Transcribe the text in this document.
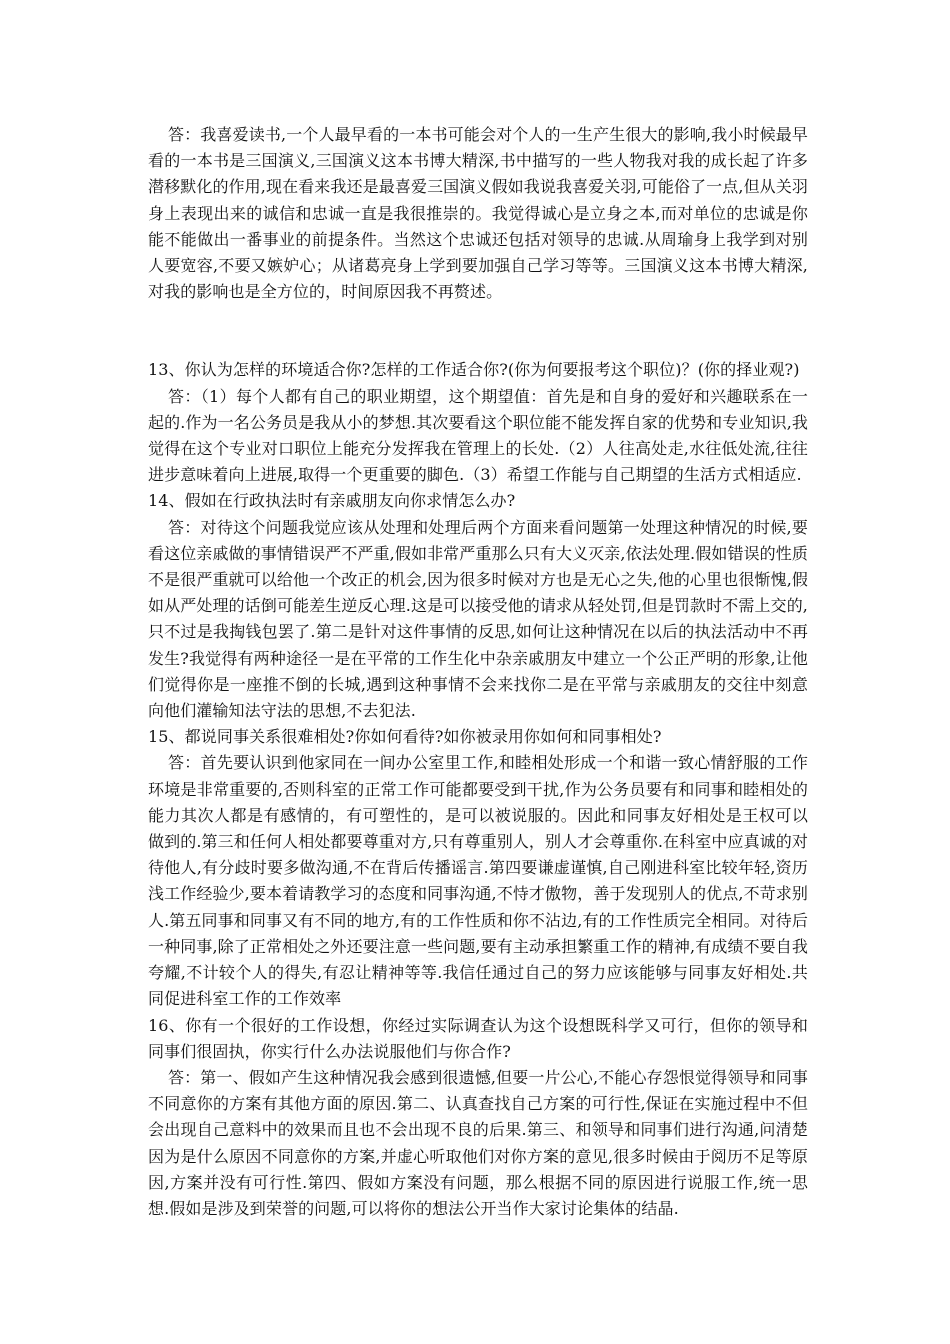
答：我喜爱读书,一个人最早看的一本书可能会对个人的一生产生很大的影响,我小时候最早看的一本书是三国演义,三国演义这本书博大精深,书中描写的一些人物我对我的成长起了许多潜移默化的作用,现在看来我还是最喜爱三国演义假如我说我喜爱关羽,可能俗了一点,但从关羽身上表现出来的诚信和忠诚一直是我很推崇的。我觉得诚心是立身之本,而对单位的忠诚是你能不能做出一番事业的前提条件。当然这个忠诚还包括对领导的忠诚.从周瑜身上我学到对别人要宽容,不要又嫉妒心；从诸葛亮身上学到要加强自己学习等等。三国演义这本书博大精深,对我的影响也是全方位的，时间原因我不再赘述。

13、你认为怎样的环境适合你?怎样的工作适合你?(你为何要报考这个职位)？(你的择业观?)

答：（1）每个人都有自己的职业期望，这个期望值：首先是和自身的爱好和兴趣联系在一起的.作为一名公务员是我从小的梦想.其次要看这个职位能不能发挥自家的优势和专业知识,我觉得在这个专业对口职位上能充分发挥我在管理上的长处.（2）人往高处走,水往低处流,往往进步意味着向上进展,取得一个更重要的脚色.（3）希望工作能与自己期望的生活方式相适应.

14、假如在行政执法时有亲戚朋友向你求情怎么办?

答：对待这个问题我觉应该从处理和处理后两个方面来看问题第一处理这种情况的时候,要看这位亲戚做的事情错误严不严重,假如非常严重那么只有大义灭亲,依法处理.假如错误的性质不是很严重就可以给他一个改正的机会,因为很多时候对方也是无心之失,他的心里也很惭愧,假如从严处理的话倒可能差生逆反心理.这是可以接受他的请求从轻处罚,但是罚款时不需上交的,只不过是我掏钱包罢了.第二是针对这件事情的反思,如何让这种情况在以后的执法活动中不再发生?我觉得有两种途径一是在平常的工作生化中杂亲戚朋友中建立一个公正严明的形象,让他们觉得你是一座推不倒的长城,遇到这种事情不会来找你二是在平常与亲戚朋友的交往中刻意向他们灌输知法守法的思想,不去犯法.

15、都说同事关系很难相处?你如何看待?如你被录用你如何和同事相处?

答：首先要认识到他家同在一间办公室里工作,和睦相处形成一个和谐一致心情舒服的工作环境是非常重要的,否则科室的正常工作可能都要受到干扰,作为公务员要有和同事和睦相处的能力其次人都是有感情的，有可塑性的，是可以被说服的。因此和同事友好相处是王权可以做到的.第三和任何人相处都要尊重对方,只有尊重别人，别人才会尊重你.在科室中应真诚的对待他人,有分歧时要多做沟通,不在背后传播谣言.第四要谦虚谨慎,自己刚进科室比较年轻,资历浅工作经验少,要本着请教学习的态度和同事沟通,不恃才傲物，善于发现别人的优点,不苛求别人.第五同事和同事又有不同的地方,有的工作性质和你不沾边,有的工作性质完全相同。对待后一种同事,除了正常相处之外还要注意一些问题,要有主动承担繁重工作的精神,有成绩不要自我夸耀,不计较个人的得失,有忍让精神等等.我信任通过自己的努力应该能够与同事友好相处.共同促进科室工作的工作效率

16、你有一个很好的工作设想，你经过实际调查认为这个设想既科学又可行，但你的领导和同事们很固执，你实行什么办法说服他们与你合作?

答：第一、假如产生这种情况我会感到很遗憾,但要一片公心,不能心存怨恨觉得领导和同事不同意你的方案有其他方面的原因.第二、认真查找自己方案的可行性,保证在实施过程中不但会出现自己意料中的效果而且也不会出现不良的后果.第三、和领导和同事们进行沟通,问清楚因为是什么原因不同意你的方案,并虚心听取他们对你方案的意见,很多时候由于阅历不足等原因,方案并没有可行性.第四、假如方案没有问题，那么根据不同的原因进行说服工作,统一思想.假如是涉及到荣誉的问题,可以将你的想法公开当作大家讨论集体的结晶.
